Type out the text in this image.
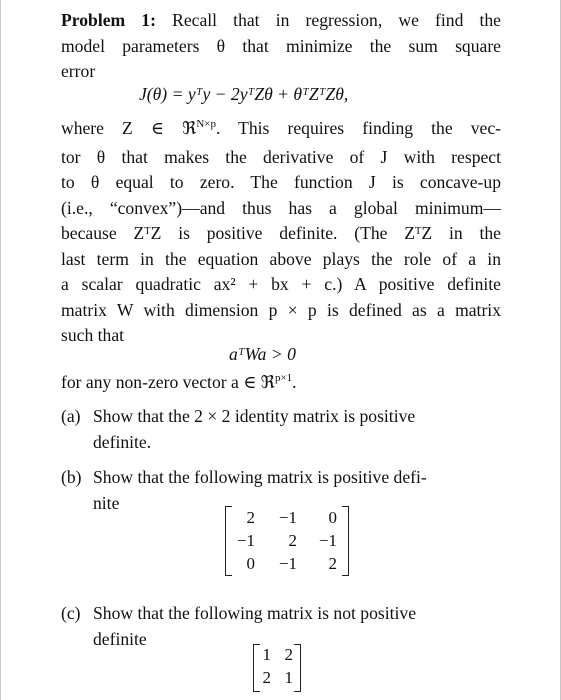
Problem 1: Recall that in regression, we find the
model parameters θ that minimize the sum square
error
J(θ) = yᵀy − 2yᵀZθ + θᵀZᵀZθ,
where Z ∈ ℜ$^{N\times p}$. This requires finding the vec-
tor θ that makes the derivative of J with respect
to θ equal to zero. The function J is concave-up
(i.e., “convex”)—and thus has a global minimum—
because ZᵀZ is positive definite. (The ZᵀZ in the
last term in the equation above plays the role of a in
a scalar quadratic ax² + bx + c.) A positive definite
matrix W with dimension p × p is defined as a matrix
such that
aᵀWa > 0
for any non-zero vector a ∈ ℜ$^{p\times 1}$.
(a) Show that the 2 × 2 identity matrix is positive
definite.
(b) Show that the following matrix is positive defi-
nite
2	−1	0
−1	2	−1
0	−1	2
(c) Show that the following matrix is not positive
definite
1 2
2 1
